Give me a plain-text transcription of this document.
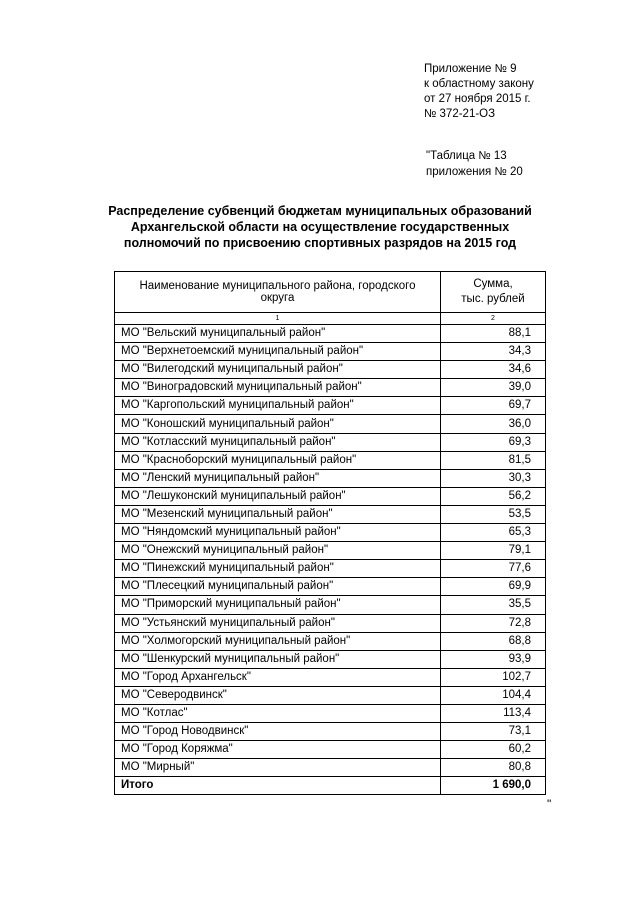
Приложение № 9
к областному закону
от 27 ноября 2015 г.
№ 372-21-ОЗ
"Таблица № 13
приложения № 20
Распределение субвенций бюджетам муниципальных образований
Архангельской области на осуществление государственных
полномочий по присвоению спортивных разрядов на 2015 год
Наименование муниципального района, городского округа	Сумма,
тыс. рублей

1	2
МО "Вельский муниципальный район"	88,1
МО "Верхнетоемский муниципальный район"	34,3
МО "Вилегодский муниципальный район"	34,6
МО "Виноградовский муниципальный район"	39,0
МО "Каргопольский муниципальный район"	69,7
МО "Коношский муниципальный район"	36,0
МО "Котласский муниципальный район"	69,3
МО "Красноборский муниципальный район"	81,5
МО "Ленский муниципальный район"	30,3
МО "Лешуконский муниципальный район"	56,2
МО "Мезенский муниципальный район"	53,5
МО "Няндомский муниципальный район"	65,3
МО "Онежский муниципальный район"	79,1
МО "Пинежский муниципальный район"	77,6
МО "Плесецкий муниципальный район"	69,9
МО "Приморский муниципальный район"	35,5
МО "Устьянский муниципальный район"	72,8
МО "Холмогорский муниципальный район"	68,8
МО "Шенкурский муниципальный район"	93,9
МО "Город Архангельск"	102,7
МО "Северодвинск"	104,4
МО "Котлас"	113,4
МО "Город Новодвинск"	73,1
МО "Город Коряжма"	60,2
МО "Мирный"	80,8
Итого	1 690,0
"
